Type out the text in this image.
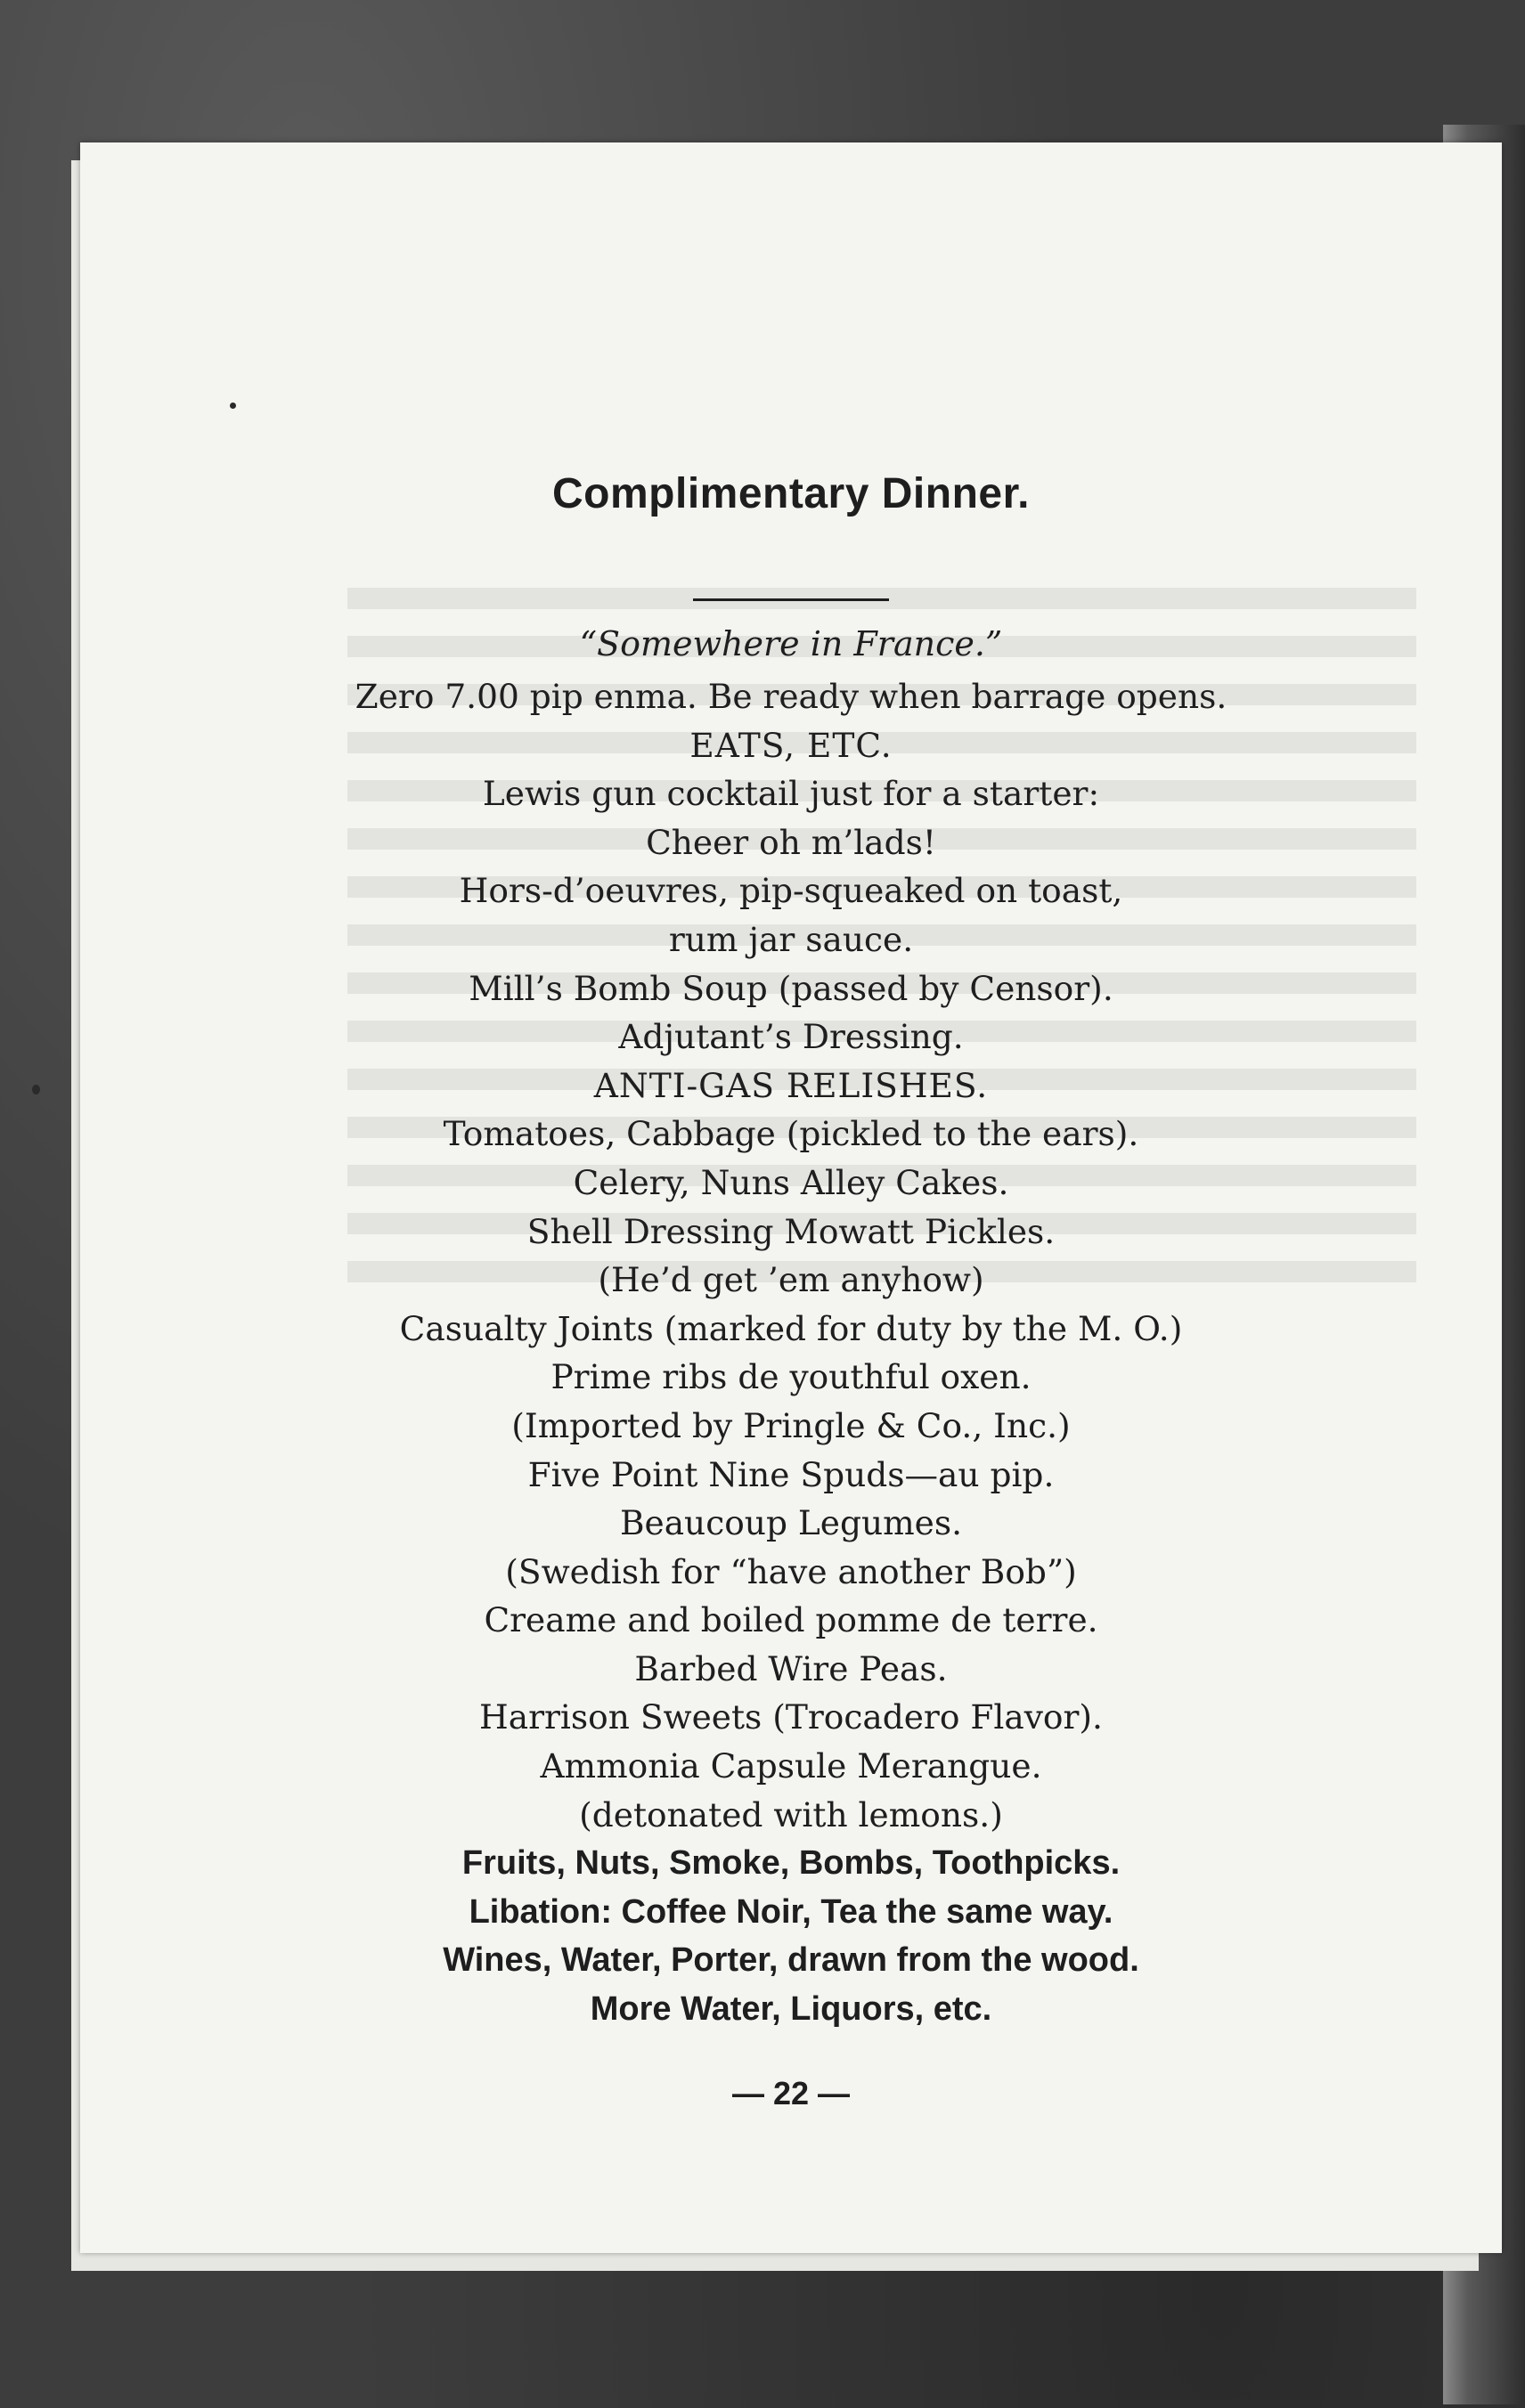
Complimentary Dinner.

“Somewhere in France.”

Zero 7.00 pip enma. Be ready when barrage opens.
EATS, ETC.
Lewis gun cocktail just for a starter:
Cheer oh m’lads!
Hors-d’oeuvres, pip-squeaked on toast,
rum jar sauce.
Mill’s Bomb Soup (passed by Censor).
Adjutant’s Dressing.
ANTI-GAS RELISHES.
Tomatoes, Cabbage (pickled to the ears).
Celery, Nuns Alley Cakes.
Shell Dressing Mowatt Pickles.
(He’d get ’em anyhow)
Casualty Joints (marked for duty by the M. O.)
Prime ribs de youthful oxen.
(Imported by Pringle & Co., Inc.)
Five Point Nine Spuds—au pip.
Beaucoup Legumes.
(Swedish for “have another Bob”)
Creame and boiled pomme de terre.
Barbed Wire Peas.
Harrison Sweets (Trocadero Flavor).
Ammonia Capsule Merangue.
(detonated with lemons.)
Fruits, Nuts, Smoke, Bombs, Toothpicks.
Libation: Coffee Noir, Tea the same way.
Wines, Water, Porter, drawn from the wood.
More Water, Liquors, etc.
— 22 —
